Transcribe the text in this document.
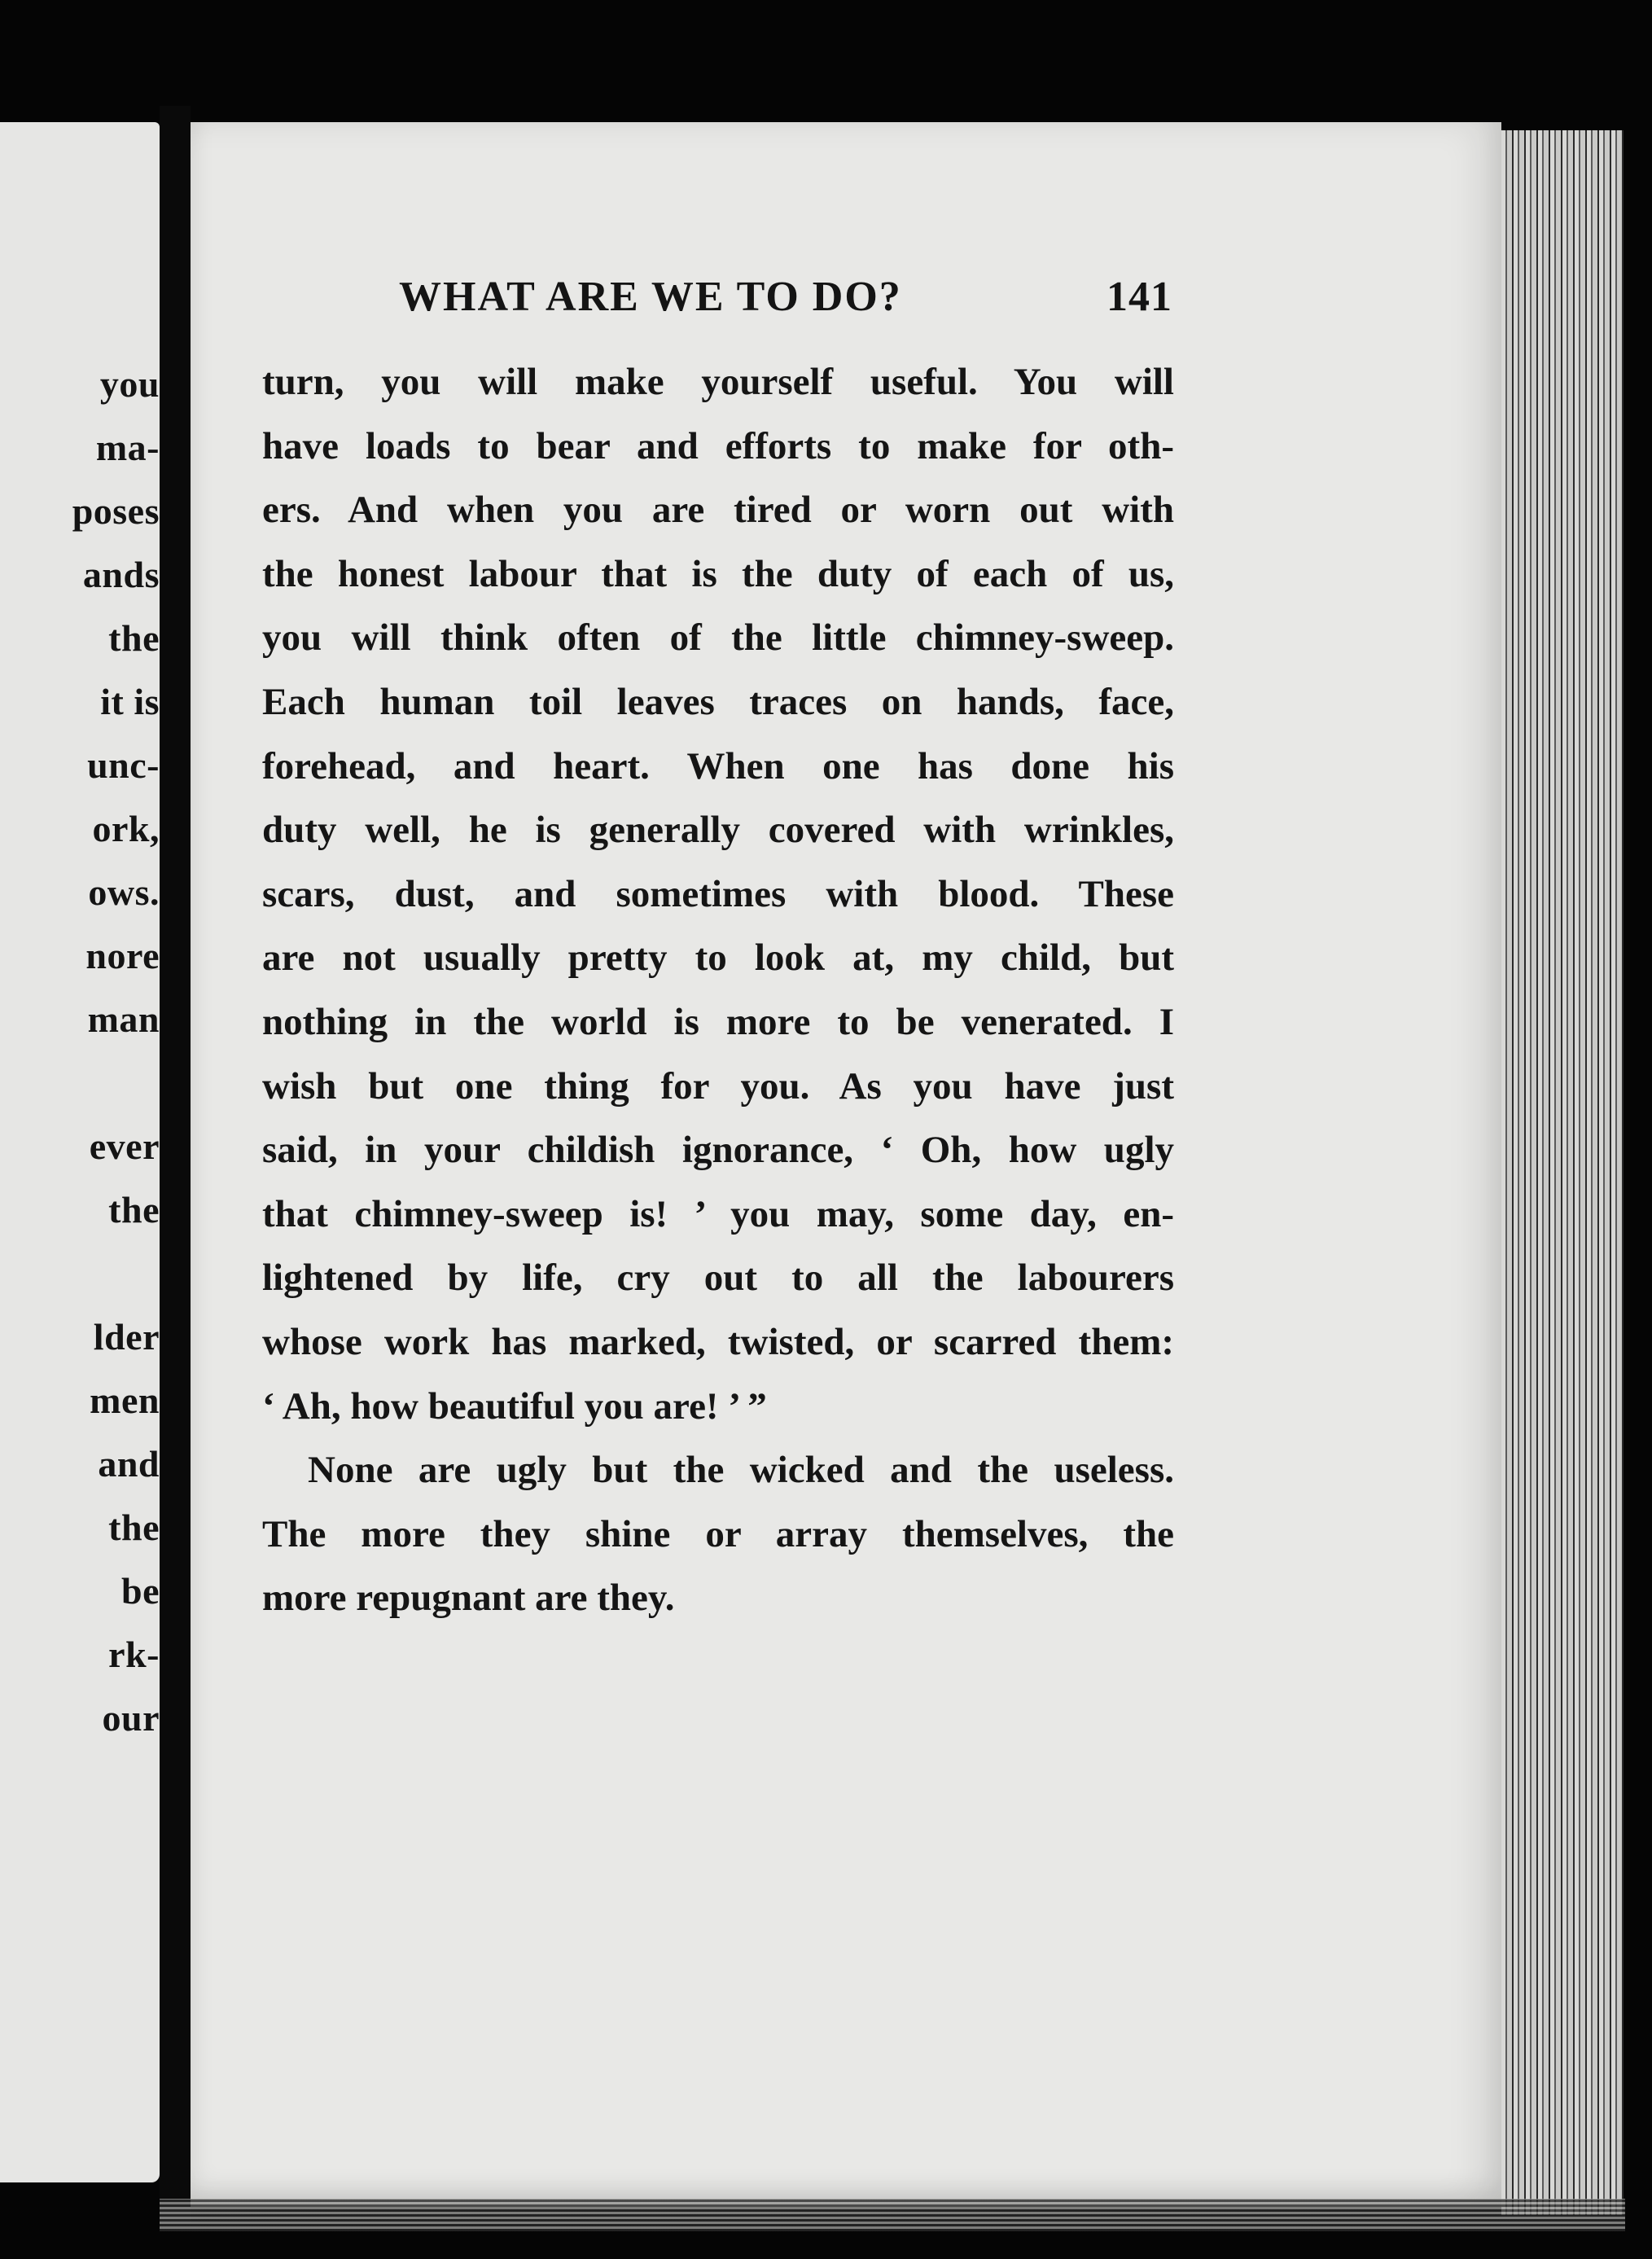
you
ma-
poses
ands
the
it is
unc-
ork,
ows.
nore
man
ever
the
lder
men
and
the
be
rk-
our
WHAT ARE WE TO DO?	141
turn, you will make yourself useful. You will
have loads to bear and efforts to make for oth-
ers. And when you are tired or worn out with
the honest labour that is the duty of each of us,
you will think often of the little chimney-sweep.
Each human toil leaves traces on hands, face,
forehead, and heart. When one has done his
duty well, he is generally covered with wrinkles,
scars, dust, and sometimes with blood. These
are not usually pretty to look at, my child, but
nothing in the world is more to be venerated. I
wish but one thing for you. As you have just
said, in your childish ignorance, ‘ Oh, how ugly
that chimney-sweep is! ’ you may, some day, en-
lightened by life, cry out to all the labourers
whose work has marked, twisted, or scarred them:
‘ Ah, how beautiful you are! ’ ”
None are ugly but the wicked and the useless.
The more they shine or array themselves, the
more repugnant are they.
